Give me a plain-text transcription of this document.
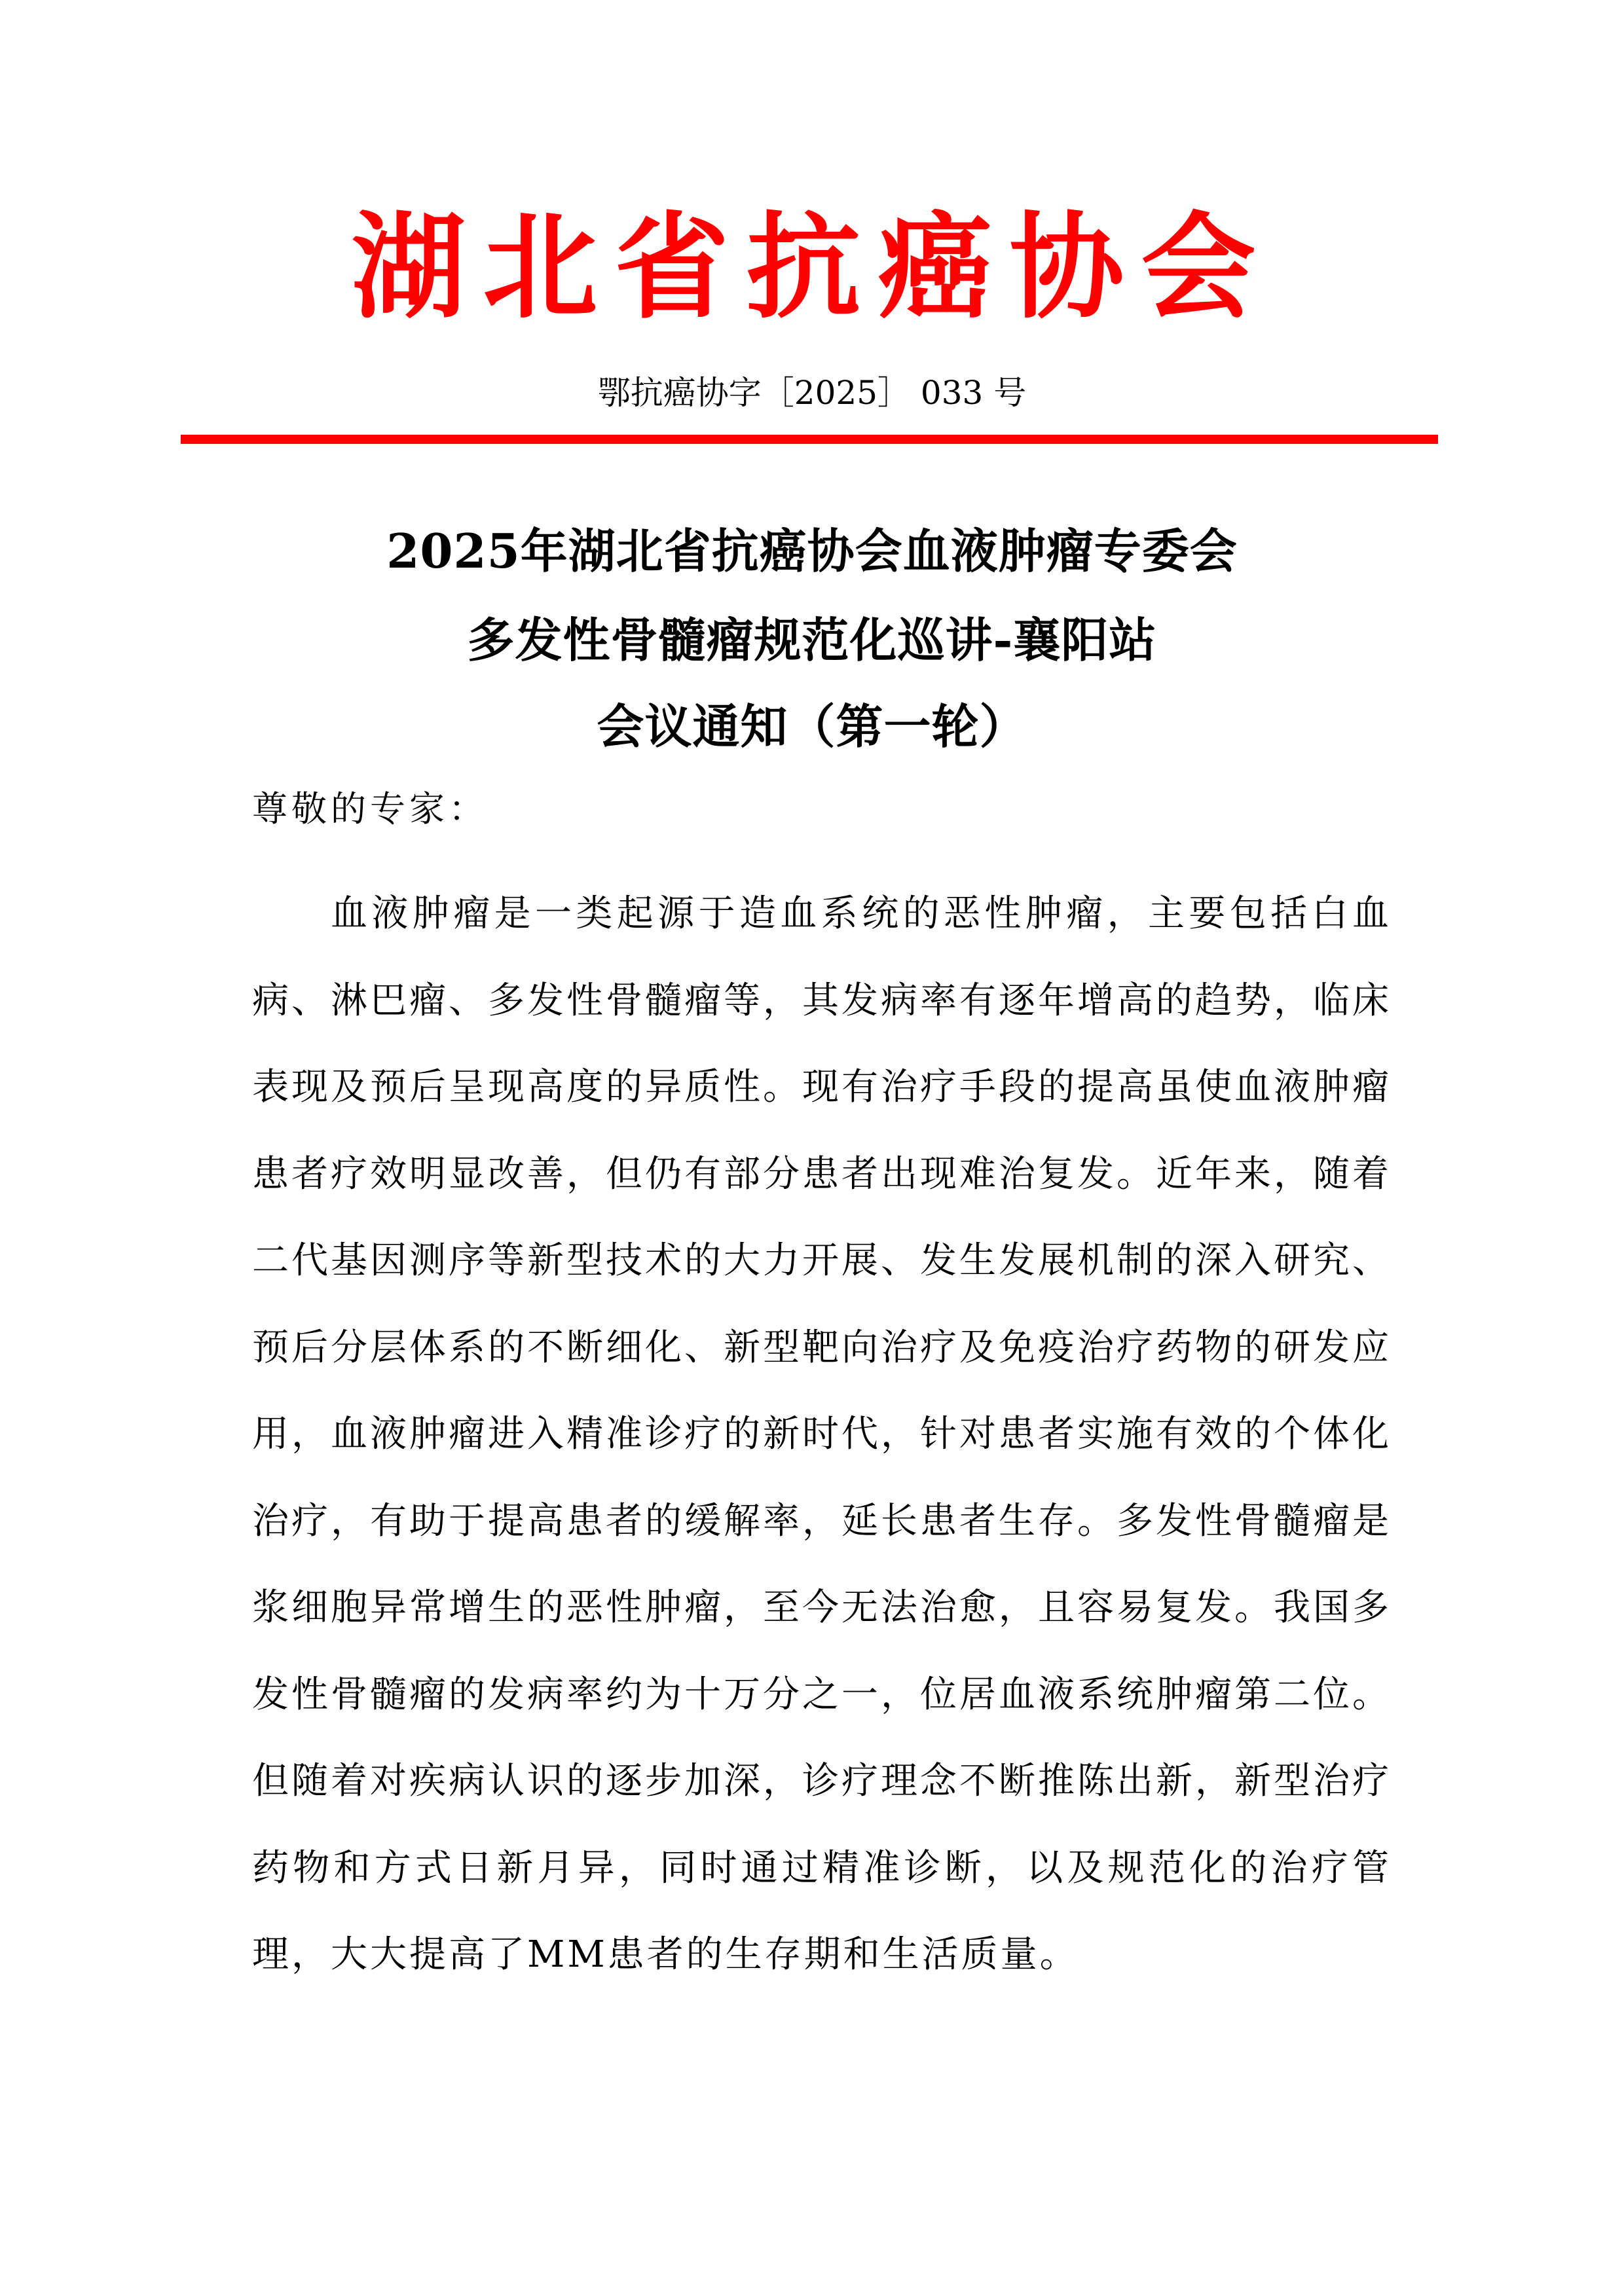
湖北省抗癌协会
鄂抗癌协字［2025］ 033 号
2025年湖北省抗癌协会血液肿瘤专委会
多发性骨髓瘤规范化巡讲-襄阳站
会议通知（第一轮）
尊敬的专家：

血液肿瘤是一类起源于造血系统的恶性肿瘤，主要包括白血病、淋巴瘤、多发性骨髓瘤等，其发病率有逐年增高的趋势，临床表现及预后呈现高度的异质性。现有治疗手段的提高虽使血液肿瘤患者疗效明显改善，但仍有部分患者出现难治复发。近年来，随着二代基因测序等新型技术的大力开展、发生发展机制的深入研究、预后分层体系的不断细化、新型靶向治疗及免疫治疗药物的研发应用，血液肿瘤进入精准诊疗的新时代，针对患者实施有效的个体化治疗，有助于提高患者的缓解率，延长患者生存。多发性骨髓瘤是浆细胞异常增生的恶性肿瘤，至今无法治愈，且容易复发。我国多发性骨髓瘤的发病率约为十万分之一，位居血液系统肿瘤第二位。但随着对疾病认识的逐步加深，诊疗理念不断推陈出新，新型治疗药物和方式日新月异，同时通过精准诊断，以及规范化的治疗管理，大大提高了MM患者的生存期和生活质量。
